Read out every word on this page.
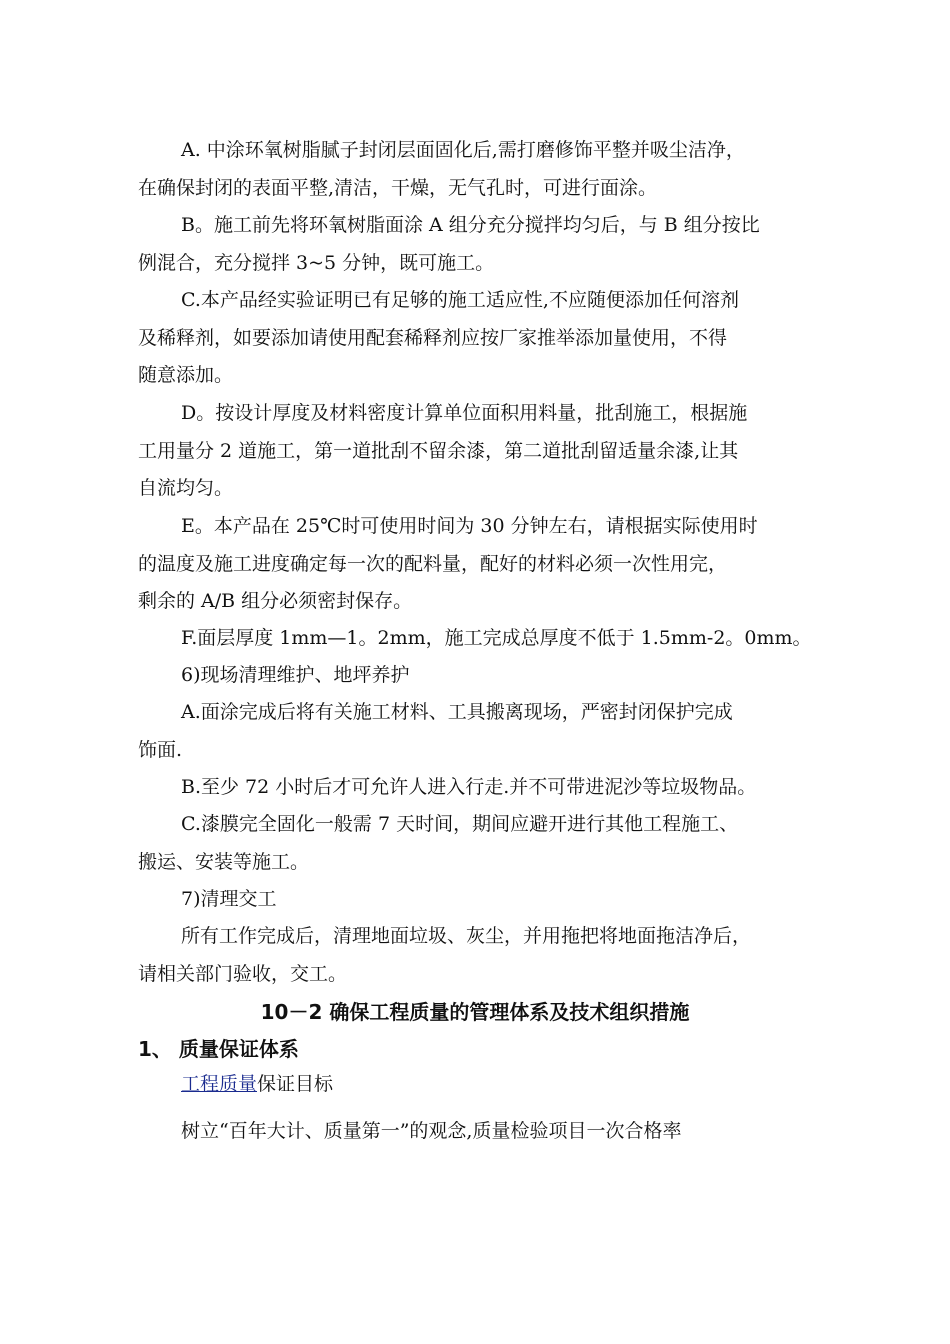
A. 中涂环氧树脂腻子封闭层面固化后,需打磨修饰平整并吸尘洁净，
在确保封闭的表面平整,清洁，干燥，无气孔时，可进行面涂。
B。施工前先将环氧树脂面涂 A 组分充分搅拌均匀后，与 B 组分按比
例混合，充分搅拌 3~5 分钟，既可施工。
C.本产品经实验证明已有足够的施工适应性,不应随便添加任何溶剂
及稀释剂，如要添加请使用配套稀释剂应按厂家推举添加量使用，不得
随意添加。
D。按设计厚度及材料密度计算单位面积用料量，批刮施工，根据施
工用量分 2 道施工，第一道批刮不留余漆，第二道批刮留适量余漆,让其
自流均匀。
E。本产品在 25℃时可使用时间为 30 分钟左右，请根据实际使用时
的温度及施工进度确定每一次的配料量，配好的材料必须一次性用完，
剩余的 A/B 组分必须密封保存。
F.面层厚度 1mm—1。2mm，施工完成总厚度不低于 1.5mm-2。0mm。
6)现场清理维护、地坪养护
A.面涂完成后将有关施工材料、工具搬离现场，严密封闭保护完成
饰面.
B.至少 72 小时后才可允许人进入行走.并不可带进泥沙等垃圾物品。
C.漆膜完全固化一般需 7 天时间，期间应避开进行其他工程施工、
搬运、安装等施工。
7)清理交工
所有工作完成后，清理地面垃圾、灰尘，并用拖把将地面拖洁净后，
请相关部门验收，交工。
10－2 确保工程质量的管理体系及技术组织措施
1、 质量保证体系
工程质量保证目标
树立“百年大计、质量第一”的观念,质量检验项目一次合格率
